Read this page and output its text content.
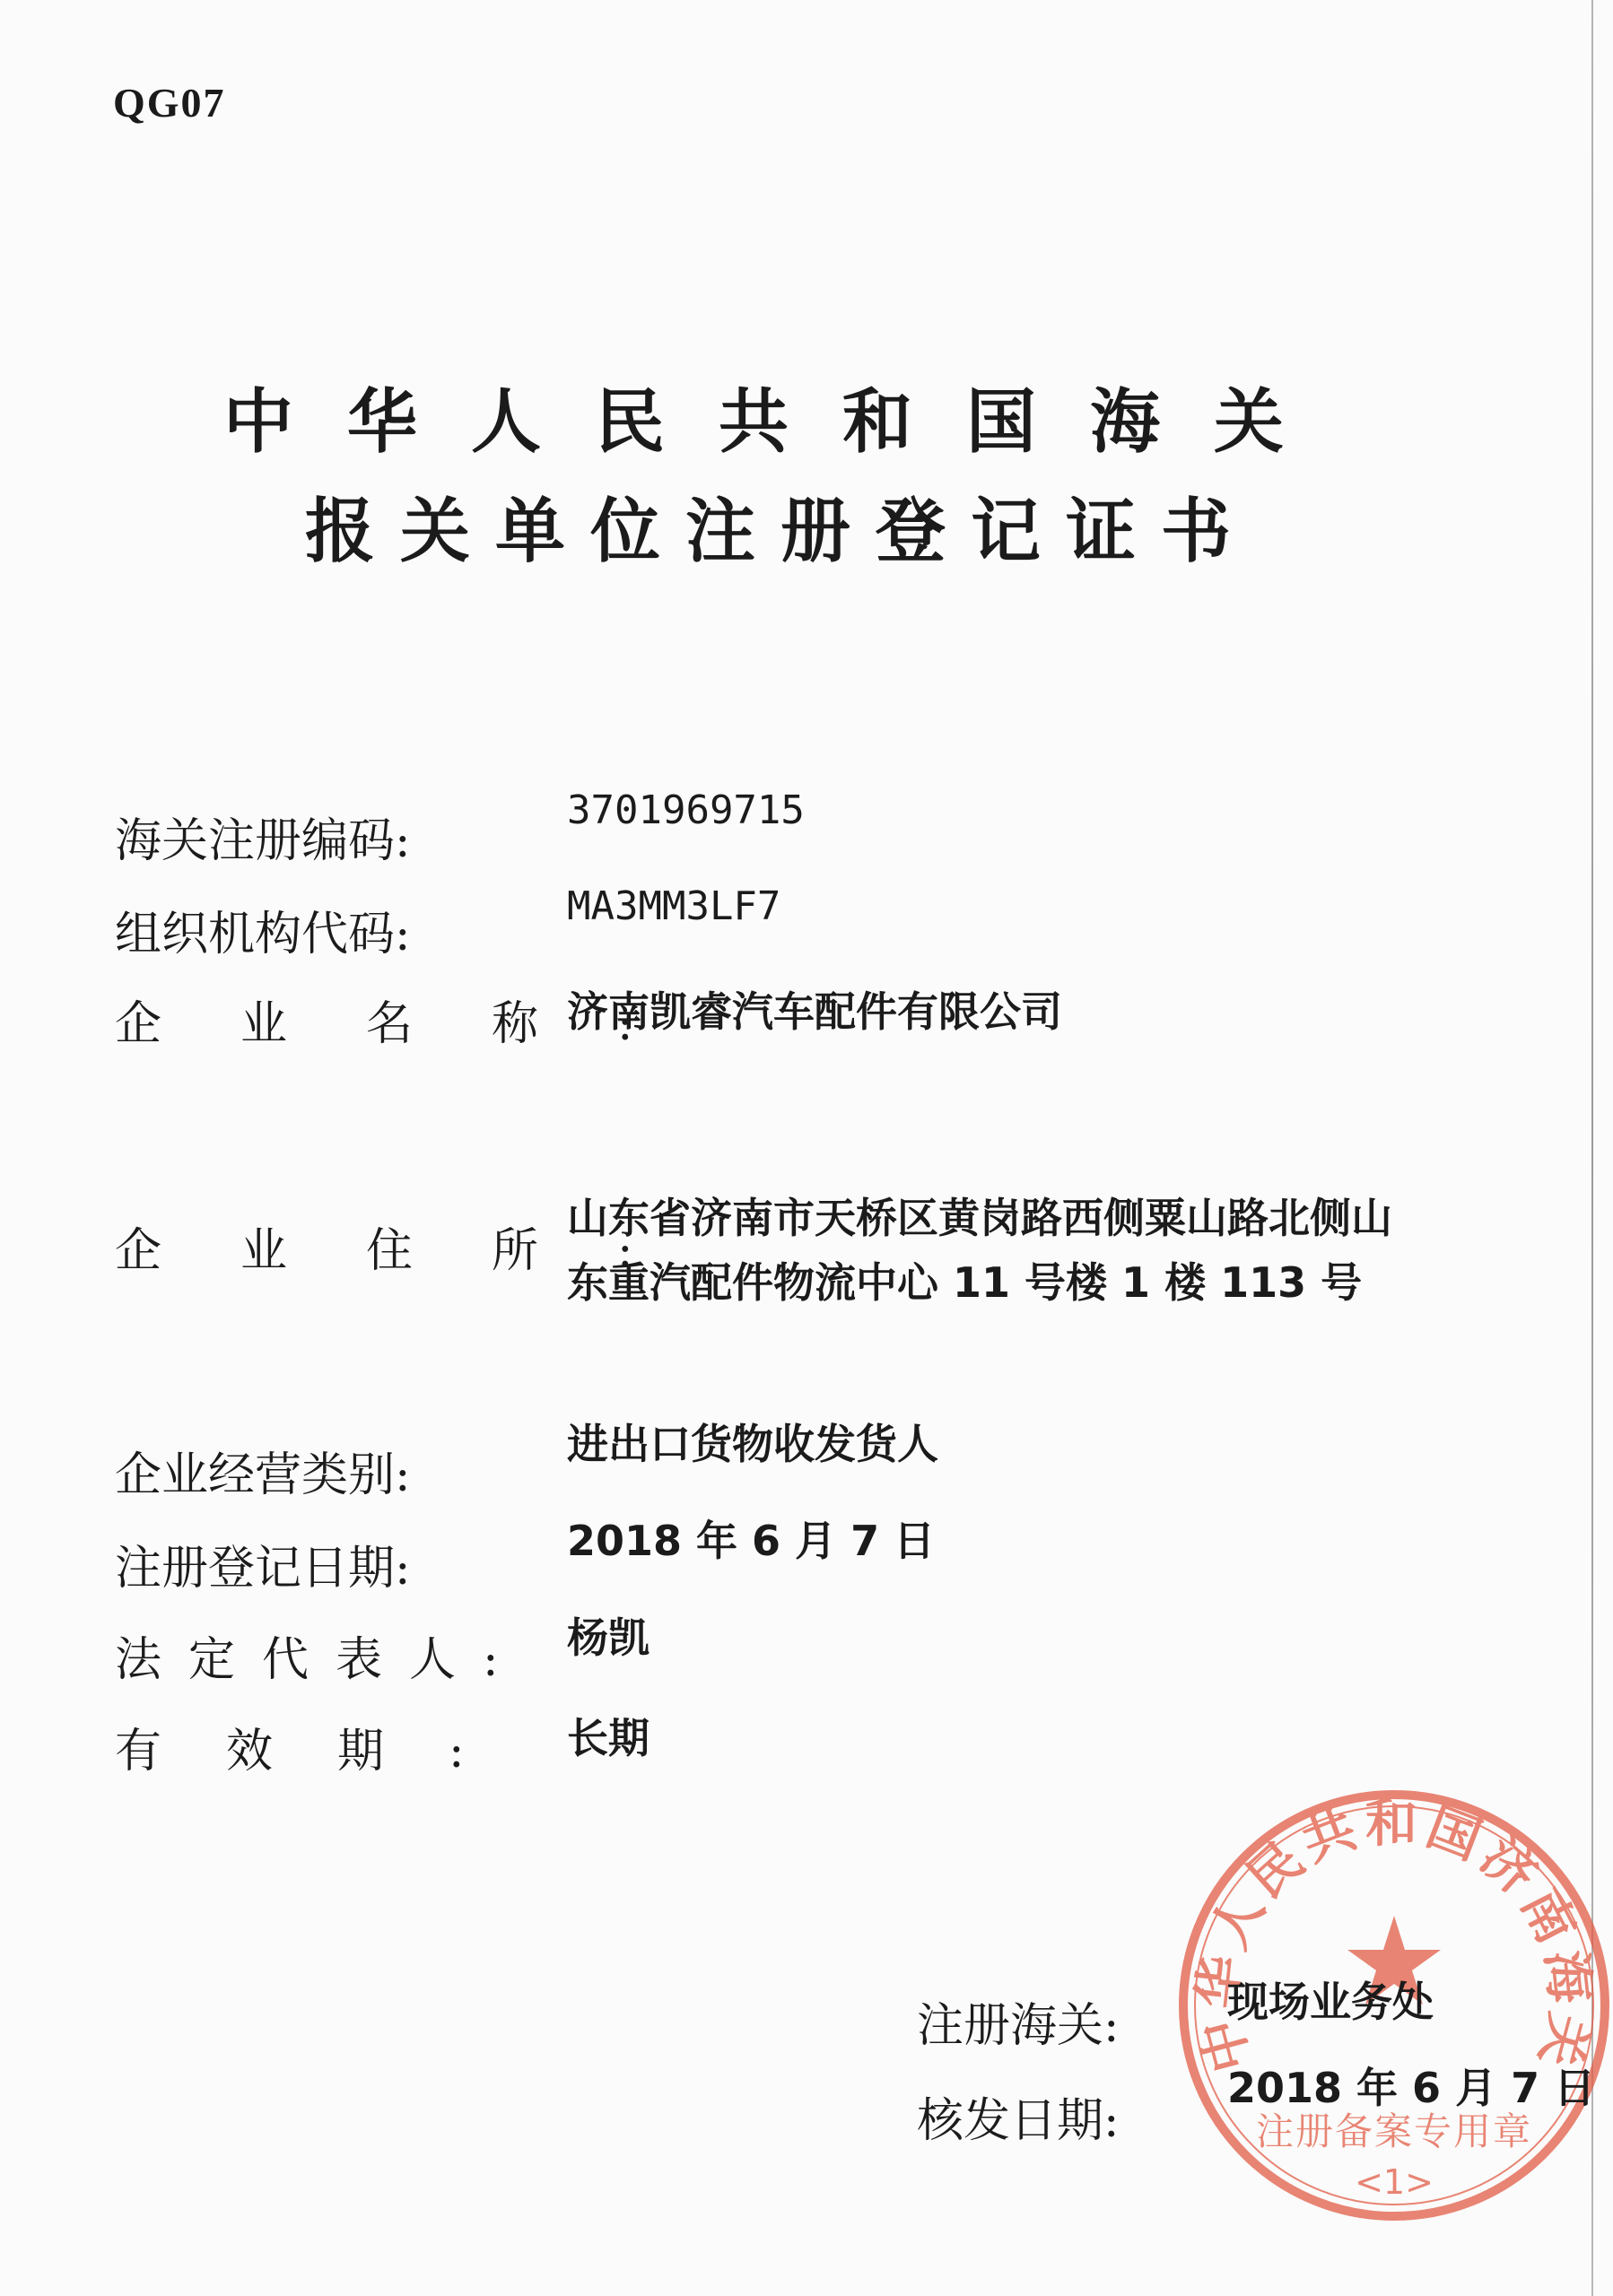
QG07
中华人民共和国海关
报关单位注册登记证书
海关注册编码:
3701969715
组织机构代码:
MA3MM3LF7
企业名称:
济南凯睿汽车配件有限公司
企业住所:
山东省济南市天桥区黄岗路西侧粟山路北侧山
东重汽配件物流中心 11 号楼 1 楼 113 号
企业经营类别:
进出口货物收发货人
注册登记日期:
2018 年 6 月 7 日
法定代表人: 杨凯
有效期: 长期
中华人民共和国济南海关
注册备案专用章
<1>
注册海关:	现场业务处
核发日期:
2018 年 6 月 7 日
